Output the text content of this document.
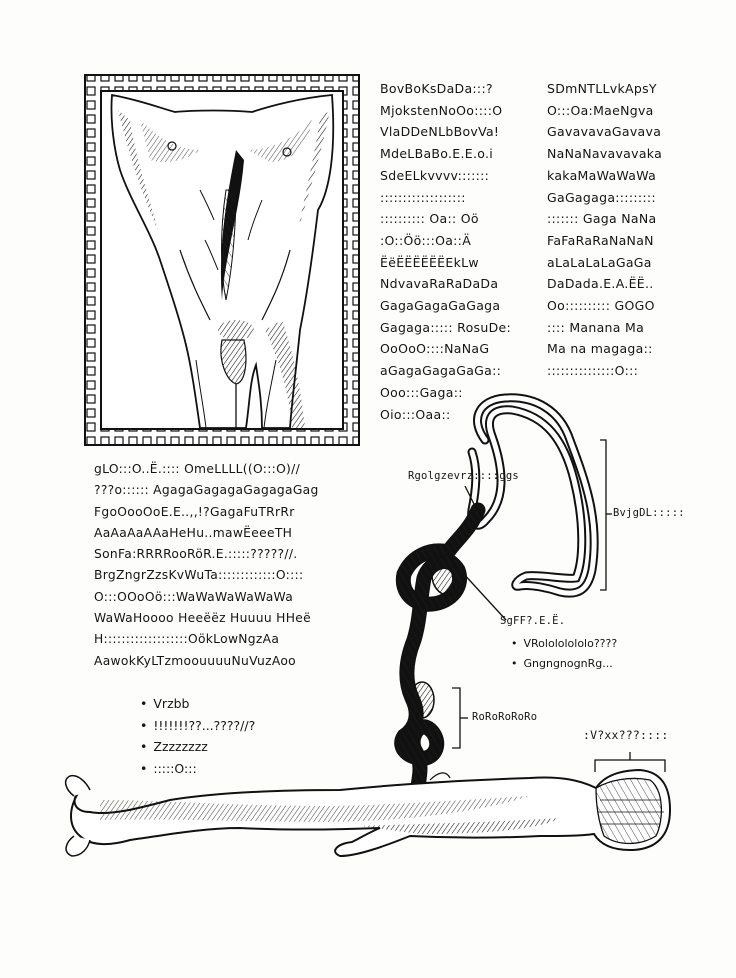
BovBoKsDaDa:::?
MjokstenNoOo::::O
VlaDDeNLbBovVa!
MdeLBaBo.E.E.o.i
SdeELkvvvv:::::::
:::::::::::::::::::
:::::::::: Oa:: Oö
:O::Öö:::Oa::Ä
ËëËËËËËËEkLw
NdvavaRaRaDaDa
GagaGagaGaGaga
Gagaga::::: RosuDe:
OoOoO::::NaNaG
aGagaGagaGaGa::
Ooo:::Gaga::
Oio:::Oaa::
SDmNTLLvkApsY
O:::Oa:MaeNgva
GavavavaGavava
NaNaNavavavaka
kakaMaWaWaWa
GaGagaga:::::::::
::::::: Gaga NaNa
FaFaRaRaNaNaN
aLaLaLaLaGaGa
DaDada.E.A.ËË..
Oo:::::::::: GOGO
:::: Manana Ma
Ma na magaga::
:::::::::::::::O:::
gLO:::O..Ë.:::: OmeLLLL((O:::O)//
???o:::::: AgagaGagagaGagagaGag
FgoOooOoE.E..,,!?GagaFuTRrRr
AaAaAaAAaHeHu..mawËeeeTH
SonFa:RRRRooRöR.E.:::::?????//.
BrgZngrZzsKvWuTa:::::::::::::O::::
O:::OOoOö:::WaWaWaWaWaWa
WaWaHoooo Heeëëz Huuuu HHeë
H:::::::::::::::::::OökLowNgzAa
AawokKyLTzmoouuuuNuVuzAoo
• Vrzbb
• !!!!!!!??...????//?
• Zzzzzzzz
• :::::O:::
Rgolgzevrz::::ggs
BvjgDL:::::
SgFF?.E.Ë.
• VRolololololo????
• GngngnognRg...
RoRoRoRoRo
:V?xx???::::
